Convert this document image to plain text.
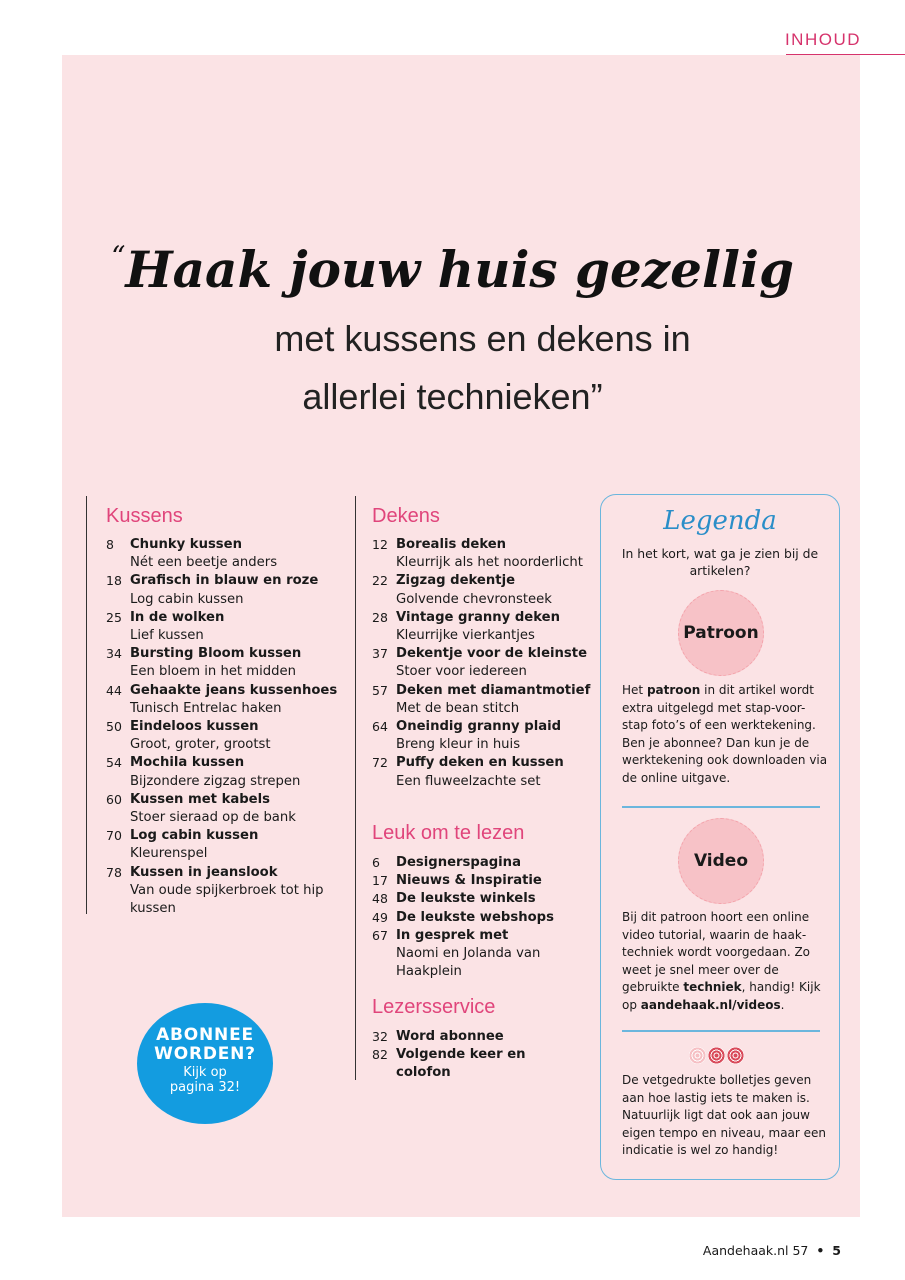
INHOUD
“Haak jouw huis gezellig
met kussens en dekens in
allerlei technieken”
Kussens
8	Chunky kussen
Nét een beetje anders
18 Grafisch in blauw en roze
Log cabin kussen
25 In de wolken
Lief kussen
34 Bursting Bloom kussen
Een bloem in het midden
44 Gehaakte jeans kussenhoes
Tunisch Entrelac haken
50 Eindeloos kussen
Groot, groter, grootst
54 Mochila kussen
Bijzondere zigzag strepen
60 Kussen met kabels
Stoer sieraad op de bank
70 Log cabin kussen
Kleurenspel
78 Kussen in jeanslook
Van oude spijkerbroek tot hip kussen
Dekens
12 Borealis deken
Kleurrijk als het noorderlicht
22 Zigzag dekentje
Golvende chevronsteek
28 Vintage granny deken
Kleurrijke vierkantjes
37 Dekentje voor de kleinste
Stoer voor iedereen
57 Deken met diamantmotief
Met de bean stitch
64 Oneindig granny plaid
Breng kleur in huis
72 Puffy deken en kussen
Een fluweelzachte set
Leuk om te lezen
6	Designerspagina
17 Nieuws & Inspiratie
48 De leukste winkels
49 De leukste webshops
67 In gesprek met
Naomi en Jolanda van Haakplein
Lezersservice
32 Word abonnee
82 Volgende keer en colofon
ABONNEE
WORDEN?
Kijk op
pagina 32!
Legenda
In het kort, wat ga je zien bij de artikelen?
Patroon
Het patroon in dit artikel wordt extra uitgelegd met stap-voor-stap foto’s of een werktekening. Ben je abonnee? Dan kun je de werktekening ook downloaden via de online uitgave.
Video
Bij dit patroon hoort een online video tutorial, waarin de haak-techniek wordt voorgedaan. Zo weet je snel meer over de gebruikte techniek, handig! Kijk op aandehaak.nl/videos.
De vetgedrukte bolletjes geven aan hoe lastig iets te maken is. Natuurlijk ligt dat ook aan jouw eigen tempo en niveau, maar een indicatie is wel zo handig!
Aandehaak.nl 57 • 5
